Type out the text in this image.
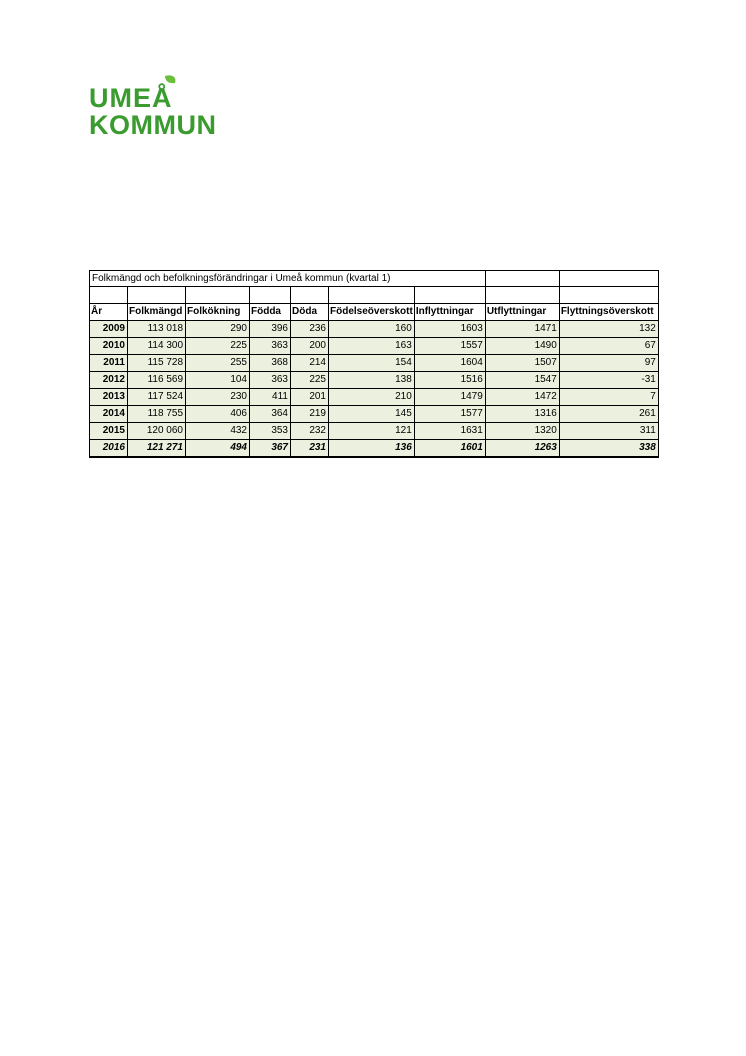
UMEÅ
KOMMUN
Folkmängd och befolkningsförändringar i Umeå kommun (kvartal 1)								

År	Folkmängd	Folkökning	Födda	Döda	Födelseöverskott	Inflyttningar	Utflyttningar	Flyttningsöverskott
2009	113 018	290	396	236	160	1603	1471	132
2010	114 300	225	363	200	163	1557	1490	67
2011	115 728	255	368	214	154	1604	1507	97
2012	116 569	104	363	225	138	1516	1547	-31
2013	117 524	230	411	201	210	1479	1472	7
2014	118 755	406	364	219	145	1577	1316	261
2015	120 060	432	353	232	121	1631	1320	311
2016	121 271	494	367	231	136	1601	1263	338
